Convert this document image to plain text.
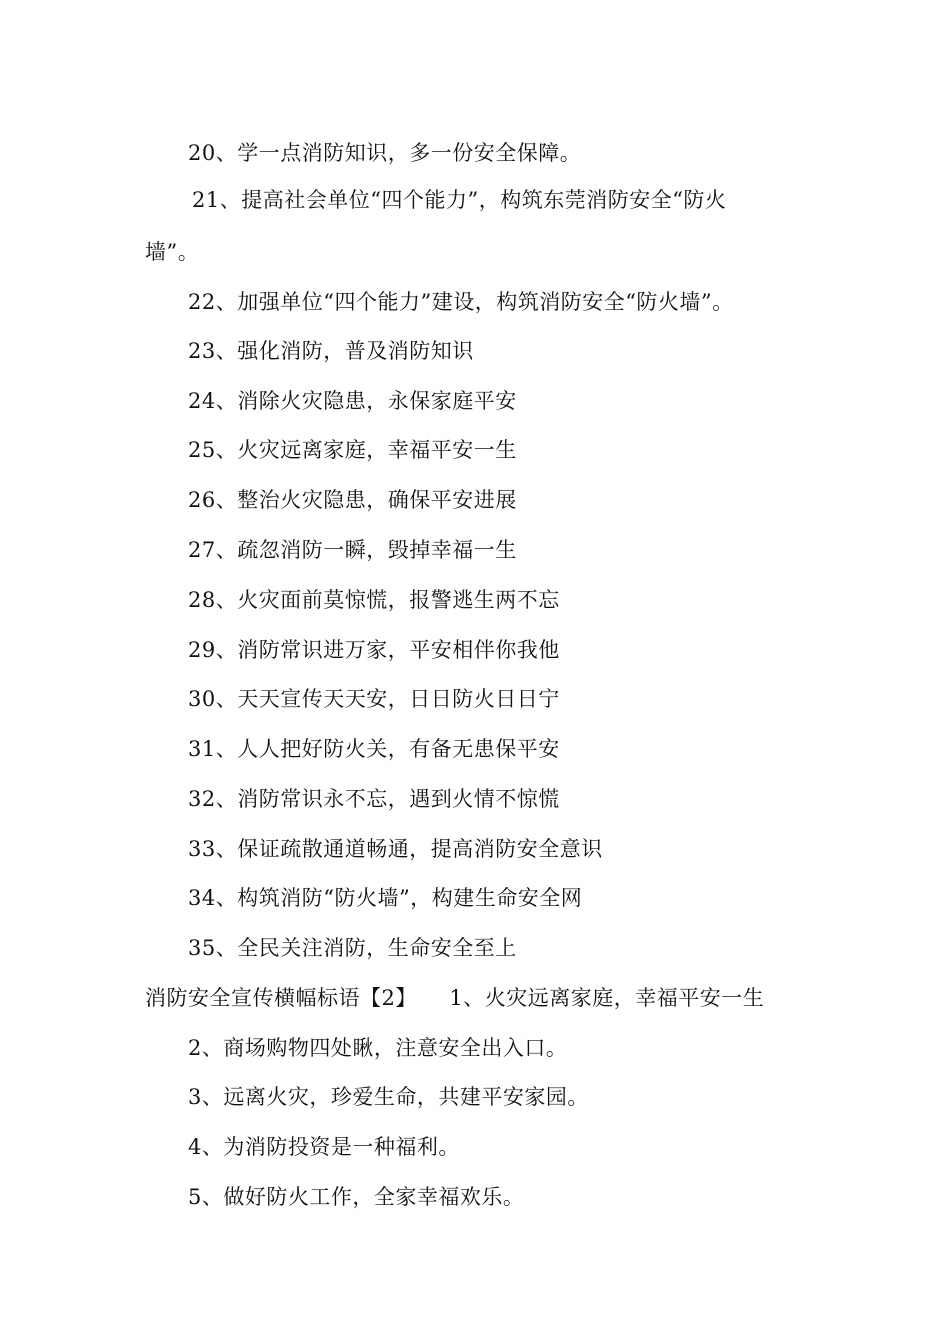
20、学一点消防知识，多一份安全保障。
21、提高社会单位“四个能力”，构筑东莞消防安全“防火
墙”。
22、加强单位“四个能力”建设，构筑消防安全“防火墙”。
23、强化消防，普及消防知识
24、消除火灾隐患，永保家庭平安
25、火灾远离家庭，幸福平安一生
26、整治火灾隐患，确保平安进展
27、疏忽消防一瞬，毁掉幸福一生
28、火灾面前莫惊慌，报警逃生两不忘
29、消防常识进万家，平安相伴你我他
30、天天宣传天天安，日日防火日日宁
31、人人把好防火关，有备无患保平安
32、消防常识永不忘，遇到火情不惊慌
33、保证疏散通道畅通，提高消防安全意识
34、构筑消防“防火墙”，构建生命安全网
35、全民关注消防，生命安全至上
消防安全宣传横幅标语【2】　　1、火灾远离家庭，幸福平安一生
2、商场购物四处瞅，注意安全出入口。
3、远离火灾，珍爱生命，共建平安家园。
4、为消防投资是一种福利。
5、做好防火工作，全家幸福欢乐。
